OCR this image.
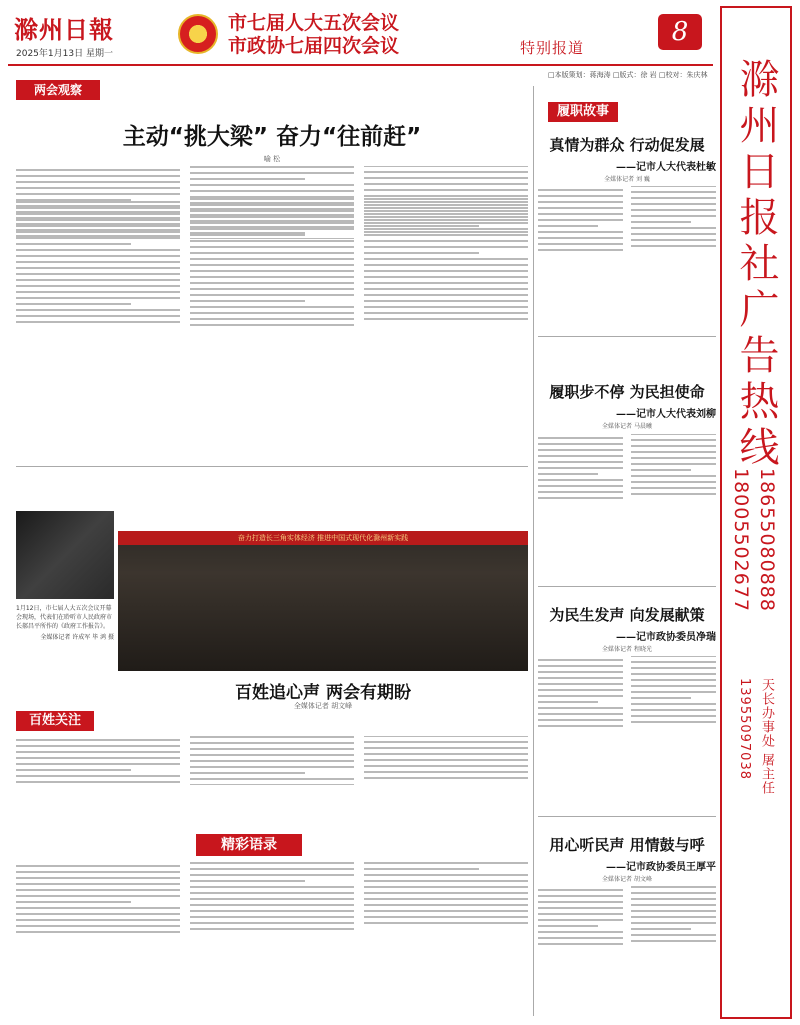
滁州日報
2025年1月13日 星期一
市七届人大五次会议
市政协七届四次会议	特别报道
8
□本版策划：蒋海涛 □版式：徐 岩 □校对：朱庆林 滁州日报社广告热线
18655080888
18005502677
天长办事处 屠主任
13955097038
两会观察
主动“挑大梁” 奋力“往前赶”
喻 松
1月12日，市七届人大五次会议开幕会现场，代表们在聆听市人民政府市长郝昌平所作的《政府工作报告》。
全媒体记者 许成军 毕 鸿 摄
奋力打造长三角实体经济 推进中国式现代化滁州新实践
百姓追心声 两会有期盼
全媒体记者 胡文峰
百姓关注
精彩语录
履职故事
真情为群众 行动促发展
——记市人大代表杜敏
全媒体记者 刘 巍
履职步不停 为民担使命
——记市人大代表刘柳
全媒体记者 马晨曦
为民生发声 向发展献策
——记市政协委员净瑞
全媒体记者 程晓光
用心听民声 用情鼓与呼
——记市政协委员王厚平
全媒体记者 胡文峰
